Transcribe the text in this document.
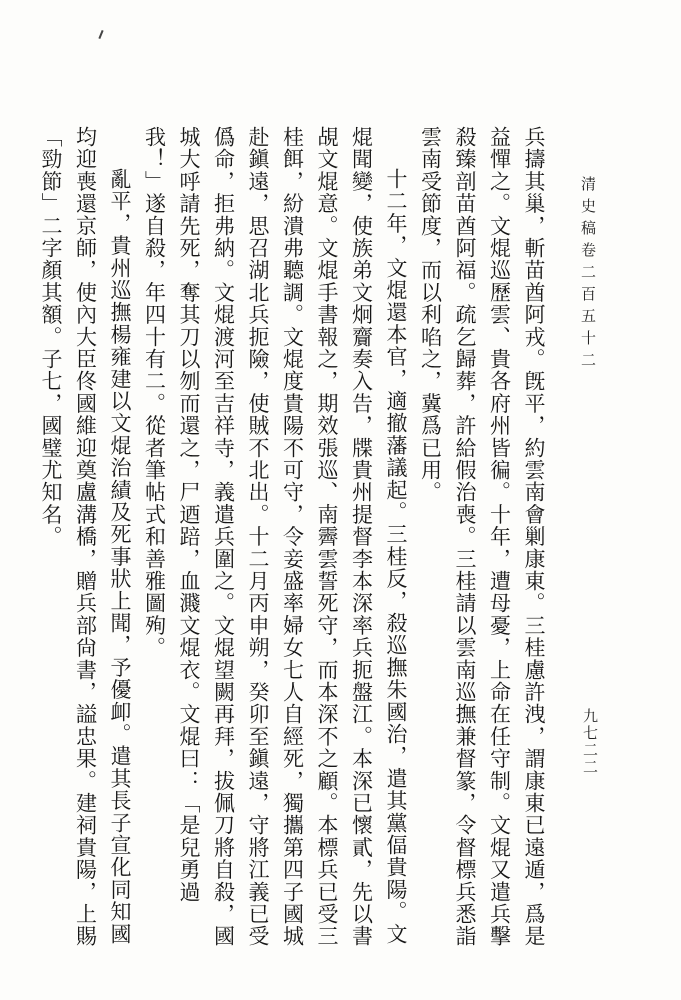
清史稿卷二百五十二
九七二二

兵擣其巢，斬苗酋阿戎。旣平，約雲南會剿康東。三桂慮許洩，謂康東已遠遁，爲是益憚之。文焜巡歷雲、貴各府州皆徧。十年，遭母憂，上命在任守制。文焜又遣兵擊殺臻剖苗酋阿福。疏乞歸葬，許給假治喪。三桂請以雲南巡撫兼督篆，令督標兵悉詣雲南受節度，而以利啗之，冀爲已用。

十二年，文焜還本官，適撤藩議起。三桂反，殺巡撫朱國治，遣其黨偪貴陽。文焜聞變，使族弟文炯齎奏入告，牒貴州提督李本深率兵扼盤江。本深已懷貳，先以書覘文焜意。文焜手書報之，期效張巡、南霽雲誓死守，而本深不之顧。本標兵已受三桂餌，紛潰弗聽調。文焜度貴陽不可守，令妾盛率婦女七人自經死，獨攜第四子國城赴鎭遠，思召湖北兵扼險，使賊不北出。十二月丙申朔，癸卯至鎭遠，守將江義已受僞命，拒弗納。文焜渡河至吉祥寺，義遣兵圍之。文焜望闕再拜，拔佩刀將自殺，國城大呼請先死，奪其刀以刎而還之，尸迺踣，血濺文焜衣。文焜曰：「是兒勇過我！」遂自殺，年四十有二。從者筆帖式和善雅圖殉。

亂平，貴州巡撫楊雍建以文焜治績及死事狀上聞，予優卹。遣其長子宣化同知國均迎喪還京師，使內大臣佟國維迎奠盧溝橋，贈兵部尙書，謚忠果。建祠貴陽，上賜「勁節」二字顏其額。子七，國璧尤知名。
